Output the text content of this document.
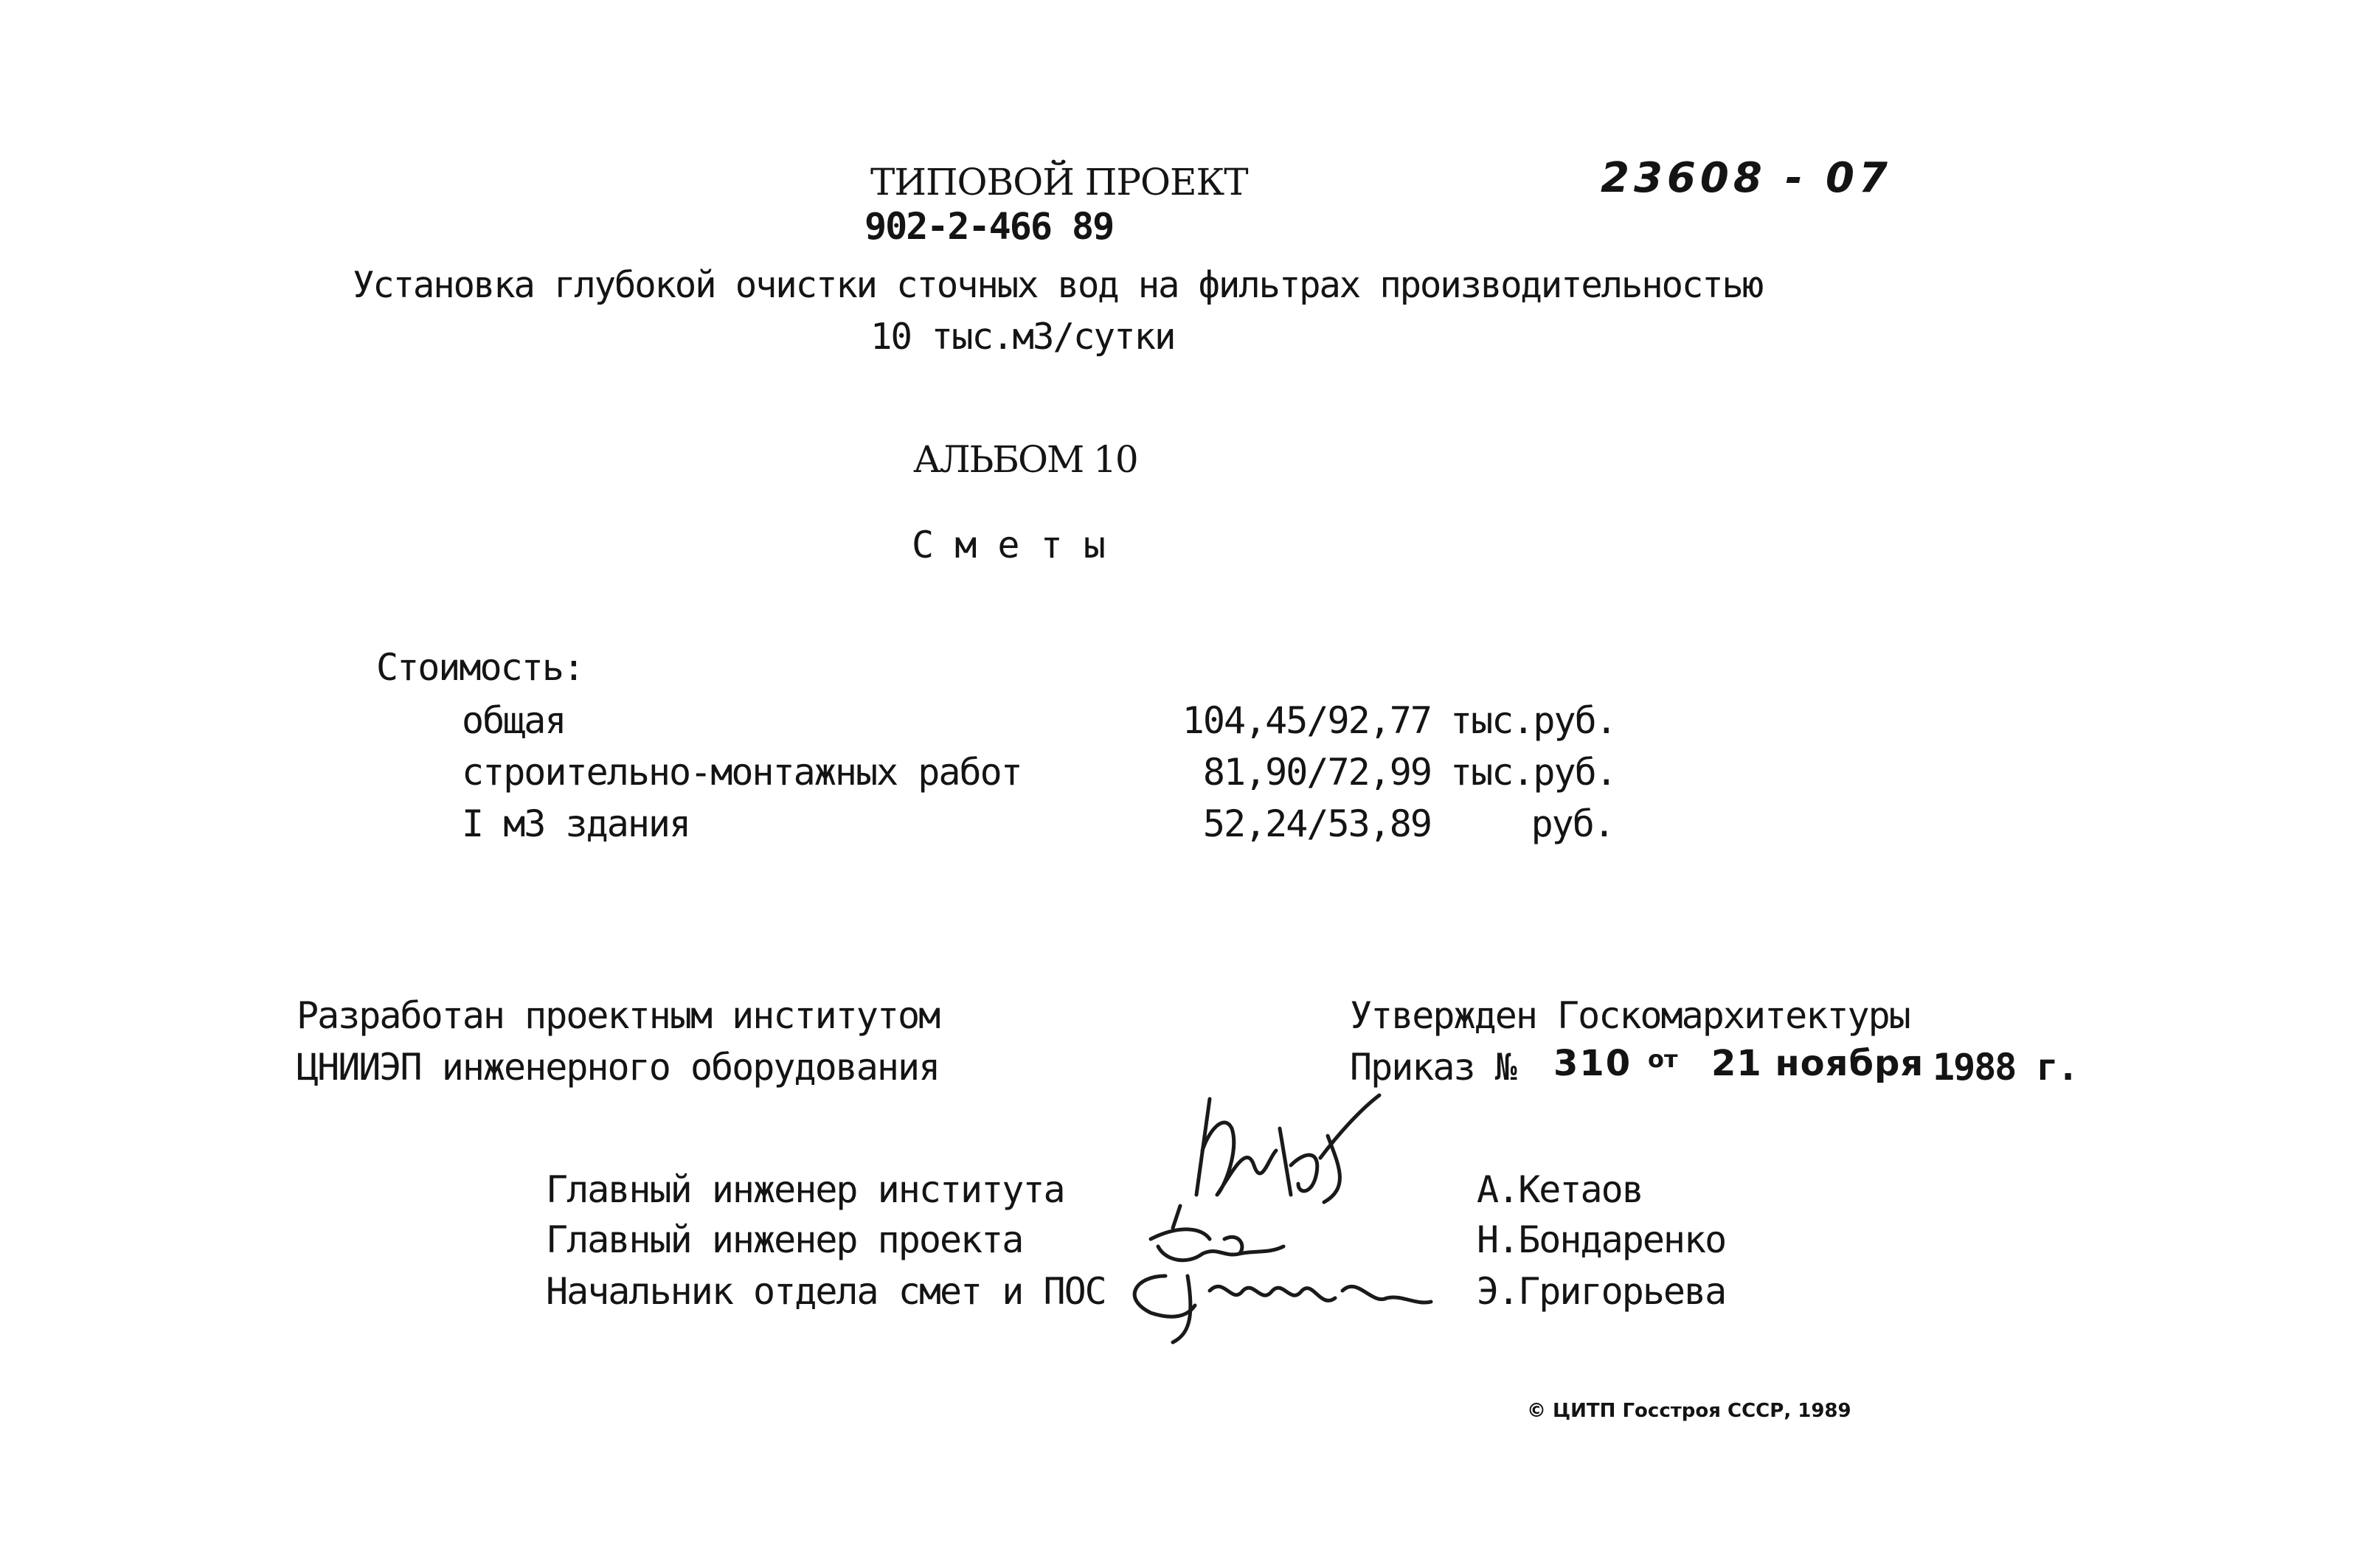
ТИПОВОЙ ПРОЕКТ
902-2-466 89
23608 - 07
Установка глубокой очистки сточных вод на фильтрах производительностью
10 тыс.м3/сутки
АЛЬБОМ 10
С м е т ы
Стоимость:
общая	104,45/92,77 тыс.руб.
строительно-монтажных работ	81,90/72,99 тыс.руб.
I м3 здания	52,24/53,89	руб.
Разработан проектным институтом
ЦНИИЭП инженерного оборудования
Утвержден Госкомархитектуры
Приказ № 310 от 21 ноября 1988 г.
Главный инженер института	А.Кетаов
Главный инженер проекта	Н.Бондаренко
Начальник отдела смет и ПОС	Э.Григорьева
© ЦИТП Госстроя СССР, 1989
